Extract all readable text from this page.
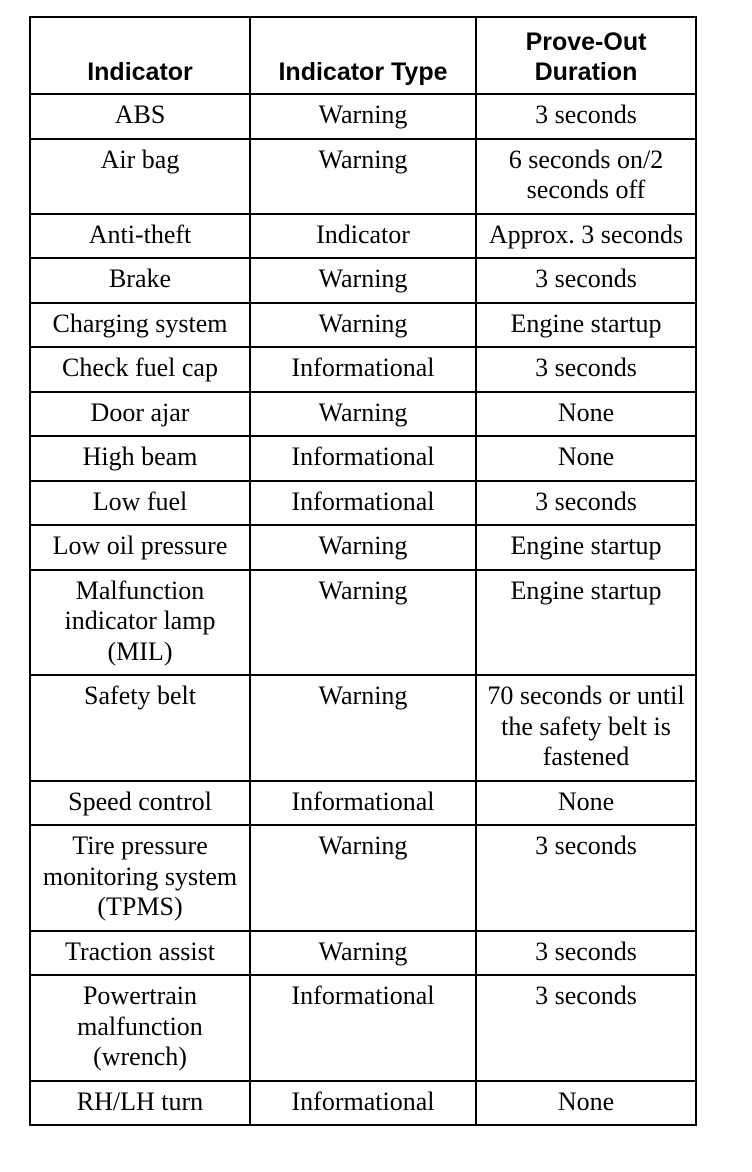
Indicator	Indicator Type	Prove-Out
Duration
ABS	Warning	3 seconds
Air bag	Warning	6 seconds on/2 seconds off
Anti-theft	Indicator	Approx. 3 seconds
Brake	Warning	3 seconds
Charging system	Warning	Engine startup
Check fuel cap	Informational	3 seconds
Door ajar	Warning	None
High beam	Informational	None
Low fuel	Informational	3 seconds
Low oil pressure	Warning	Engine startup
Malfunction indicator lamp (MIL)	Warning	Engine startup
Safety belt	Warning	70 seconds or until the safety belt is fastened
Speed control	Informational	None
Tire pressure monitoring system (TPMS)	Warning	3 seconds
Traction assist	Warning	3 seconds
Powertrain malfunction (wrench)	Informational	3 seconds
RH/LH turn	Informational	None
